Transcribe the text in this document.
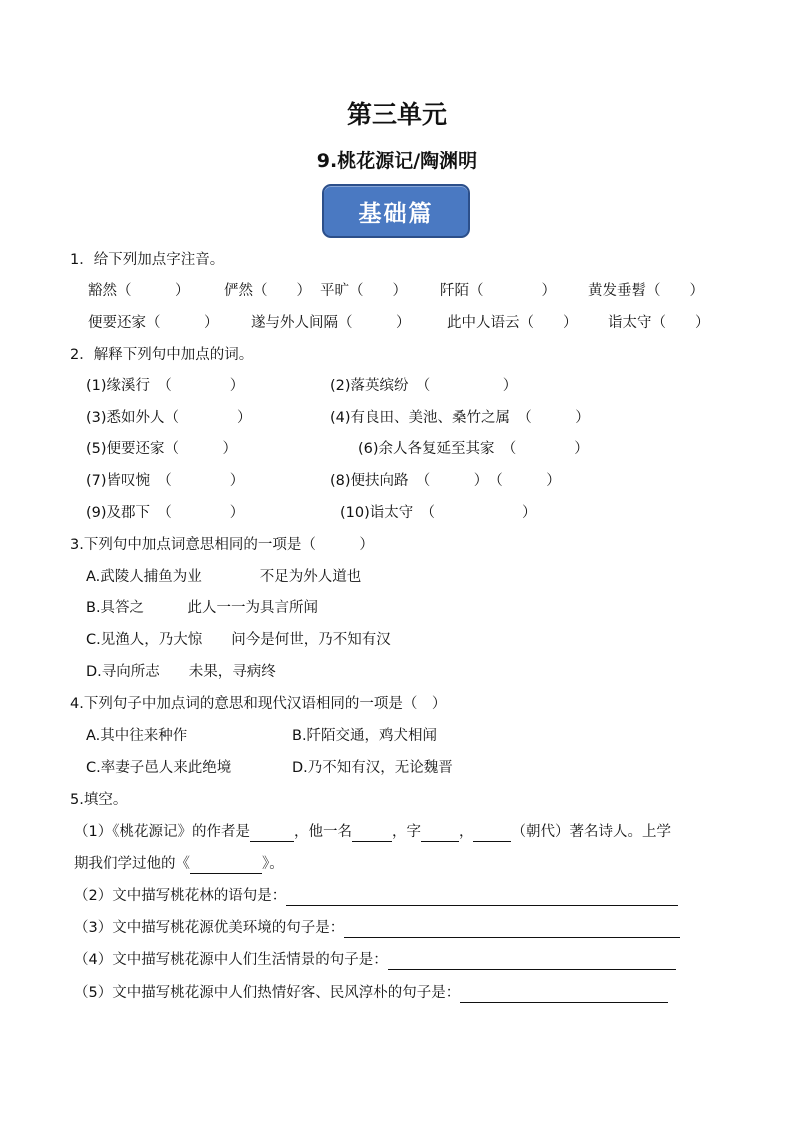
第三单元
9.桃花源记/陶渊明
基础篇
1．给下列加点字注音。
豁然（　　　） 俨然（　　） 平旷（　　） 阡陌（　　　　） 黄发垂髫（　　）
便要还家（　　　） 遂与外人间隔（　　　）	此中人语云（　　） 诣太守（　　）
2．解释下列句中加点的词。
(1)缘溪行　（　　　　）	(2)落英缤纷　（　　　　　）
(3)悉如外人（　　　　）	(4)有良田、美池、桑竹之属　（　　　）
(5)便要还家（　　　）	(6)余人各复延至其家　（　　　　）
(7)皆叹惋　（　　　　）	(8)便扶向路　（　　　）　（　　　）
(9)及郡下　（　　　　）	(10)诣太守　（　　　　　　）
3.下列句中加点词意思相同的一项是（　　　）
A.武陵人捕鱼为业　　　　不足为外人道也
B.具答之　　　此人一一为具言所闻
C.见渔人，乃大惊　　问今是何世，乃不知有汉
D.寻向所志　　未果，寻病终
4.下列句子中加点词的意思和现代汉语相同的一项是（　）
A.其中往来种作	B.阡陌交通，鸡犬相闻
C.率妻子邑人来此绝境	D.乃不知有汉，无论魏晋
5.填空。
（1）《桃花源记》的作者是	，他一名	，字	，	（朝代）著名诗人。上学
期我们学过他的《	》。
（2）文中描写桃花林的语句是：
（3）文中描写桃花源优美环境的句子是：
（4）文中描写桃花源中人们生活情景的句子是：
（5）文中描写桃花源中人们热情好客、民风淳朴的句子是：
